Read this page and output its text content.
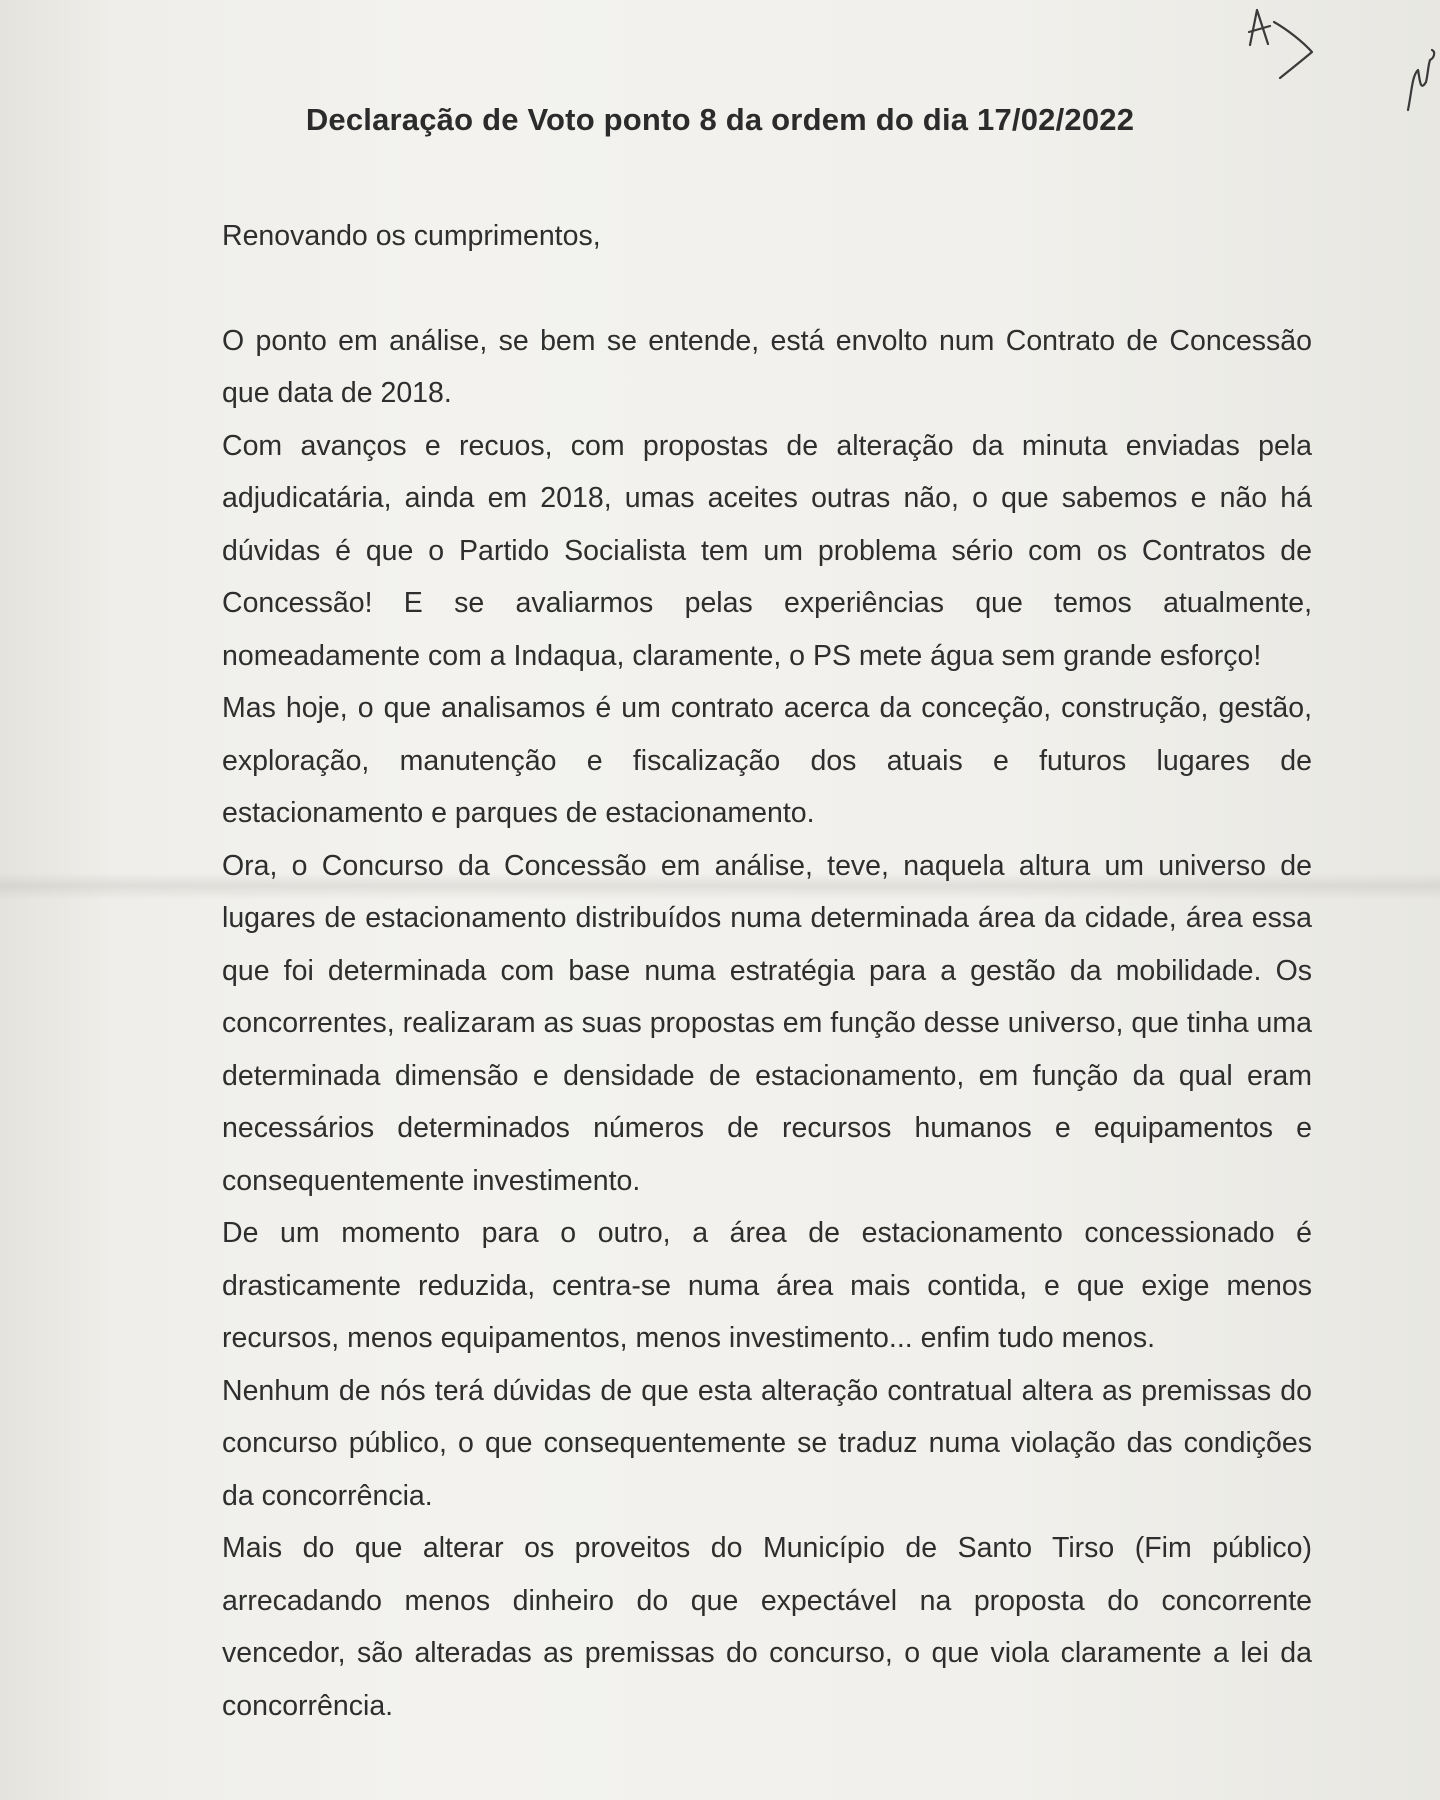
Declaração de Voto ponto 8 da ordem do dia 17/02/2022

Renovando os cumprimentos,

O ponto em análise, se bem se entende, está envolto num Contrato de Concessão que data de 2018.

Com avanços e recuos, com propostas de alteração da minuta enviadas pela adjudicatária, ainda em 2018, umas aceites outras não, o que sabemos e não há dúvidas é que o Partido Socialista tem um problema sério com os Contratos de Concessão! E se avaliarmos pelas experiências que temos atualmente, nomeadamente com a Indaqua, claramente, o PS mete água sem grande esforço!

Mas hoje, o que analisamos é um contrato acerca da conceção, construção, gestão, exploração, manutenção e fiscalização dos atuais e futuros lugares de estacionamento e parques de estacionamento.

Ora, o Concurso da Concessão em análise, teve, naquela altura um universo de lugares de estacionamento distribuídos numa determinada área da cidade, área essa que foi determinada com base numa estratégia para a gestão da mobilidade. Os concorrentes, realizaram as suas propostas em função desse universo, que tinha uma determinada dimensão e densidade de estacionamento, em função da qual eram necessários determinados números de recursos humanos e equipamentos e consequentemente investimento.

De um momento para o outro, a área de estacionamento concessionado é drasticamente reduzida, centra-se numa área mais contida, e que exige menos recursos, menos equipamentos, menos investimento... enfim tudo menos.

Nenhum de nós terá dúvidas de que esta alteração contratual altera as premissas do concurso público, o que consequentemente se traduz numa violação das condições da concorrência.

Mais do que alterar os proveitos do Município de Santo Tirso (Fim público) arrecadando menos dinheiro do que expectável na proposta do concorrente vencedor, são alteradas as premissas do concurso, o que viola claramente a lei da concorrência.
